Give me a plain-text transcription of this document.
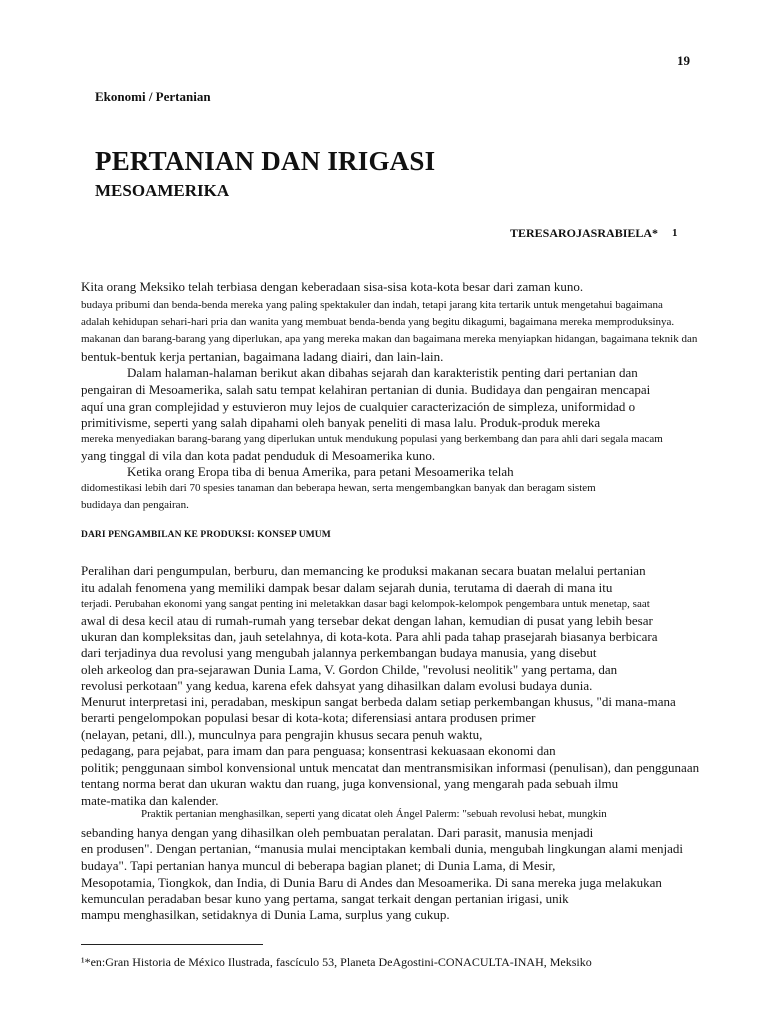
19
Ekonomi / Pertanian
PERTANIAN DAN IRIGASI
MESOAMERIKA
TERESAROJASRABIELA* $^1$
Kita orang Meksiko telah terbiasa dengan keberadaan sisa-sisa kota-kota besar dari zaman kuno.
budaya pribumi dan benda-benda mereka yang paling spektakuler dan indah, tetapi jarang kita tertarik untuk mengetahui bagaimana
adalah kehidupan sehari-hari pria dan wanita yang membuat benda-benda yang begitu dikagumi, bagaimana mereka memproduksinya.
makanan dan barang-barang yang diperlukan, apa yang mereka makan dan bagaimana mereka menyiapkan hidangan, bagaimana teknik dan
bentuk-bentuk kerja pertanian, bagaimana ladang diairi, dan lain-lain.
Dalam halaman-halaman berikut akan dibahas sejarah dan karakteristik penting dari pertanian dan
pengairan di Mesoamerika, salah satu tempat kelahiran pertanian di dunia. Budidaya dan pengairan mencapai
aquí una gran complejidad y estuvieron muy lejos de cualquier caracterización de simpleza, uniformidad o
primitivisme, seperti yang salah dipahami oleh banyak peneliti di masa lalu. Produk-produk mereka
mereka menyediakan barang-barang yang diperlukan untuk mendukung populasi yang berkembang dan para ahli dari segala macam
yang tinggal di vila dan kota padat penduduk di Mesoamerika kuno.
Ketika orang Eropa tiba di benua Amerika, para petani Mesoamerika telah
didomestikasi lebih dari 70 spesies tanaman dan beberapa hewan, serta mengembangkan banyak dan beragam sistem
budidaya dan pengairan.
DARI PENGAMBILAN KE PRODUKSI: KONSEP UMUM
Peralihan dari pengumpulan, berburu, dan memancing ke produksi makanan secara buatan melalui pertanian
itu adalah fenomena yang memiliki dampak besar dalam sejarah dunia, terutama di daerah di mana itu
terjadi. Perubahan ekonomi yang sangat penting ini meletakkan dasar bagi kelompok-kelompok pengembara untuk menetap, saat
awal di desa kecil atau di rumah-rumah yang tersebar dekat dengan lahan, kemudian di pusat yang lebih besar
ukuran dan kompleksitas dan, jauh setelahnya, di kota-kota. Para ahli pada tahap prasejarah biasanya berbicara
dari terjadinya dua revolusi yang mengubah jalannya perkembangan budaya manusia, yang disebut
oleh arkeolog dan pra-sejarawan Dunia Lama, V. Gordon Childe, "revolusi neolitik" yang pertama, dan
revolusi perkotaan" yang kedua, karena efek dahsyat yang dihasilkan dalam evolusi budaya dunia.
Menurut interpretasi ini, peradaban, meskipun sangat berbeda dalam setiap perkembangan khusus, "di mana-mana
berarti pengelompokan populasi besar di kota-kota; diferensiasi antara produsen primer
(nelayan, petani, dll.), munculnya para pengrajin khusus secara penuh waktu,
pedagang, para pejabat, para imam dan para penguasa; konsentrasi kekuasaan ekonomi dan
politik; penggunaan simbol konvensional untuk mencatat dan mentransmisikan informasi (penulisan), dan penggunaan
tentang norma berat dan ukuran waktu dan ruang, juga konvensional, yang mengarah pada sebuah ilmu
mate-matika dan kalender.
Praktik pertanian menghasilkan, seperti yang dicatat oleh Ángel Palerm: "sebuah revolusi hebat, mungkin
sebanding hanya dengan yang dihasilkan oleh pembuatan peralatan. Dari parasit, manusia menjadi
en produsen". Dengan pertanian, “manusia mulai menciptakan kembali dunia, mengubah lingkungan alami menjadi
budaya". Tapi pertanian hanya muncul di beberapa bagian planet; di Dunia Lama, di Mesir,
Mesopotamia, Tiongkok, dan India, di Dunia Baru di Andes dan Mesoamerika. Di sana mereka juga melakukan
kemunculan peradaban besar kuno yang pertama, sangat terkait dengan pertanian irigasi, unik
mampu menghasilkan, setidaknya di Dunia Lama, surplus yang cukup.
¹*en:Gran Historia de México Ilustrada, fascículo 53, Planeta DeAgostini-CONACULTA-INAH, Meksiko
